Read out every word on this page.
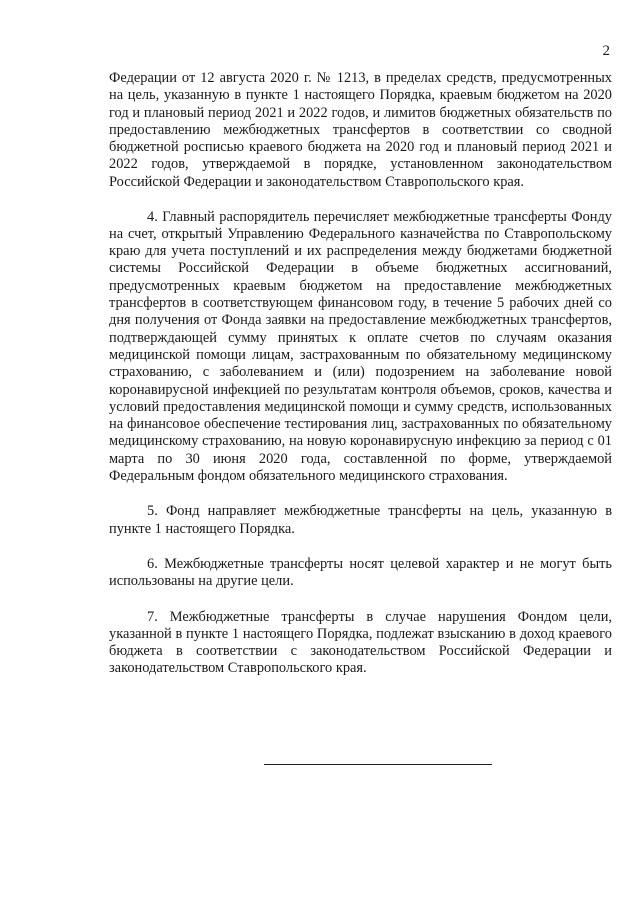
2

Федерации от 12 августа 2020 г. № 1213, в пределах средств, предусмотренных на цель, указанную в пункте 1 настоящего Порядка, краевым бюджетом на 2020 год и плановый период 2021 и 2022 годов, и лимитов бюджетных обязательств по предоставлению межбюджетных трансфертов в соответствии со сводной бюджетной росписью краевого бюджета на 2020 год и плановый период 2021 и 2022 годов, утверждаемой в порядке, установленном законодательством Российской Федерации и законодательством Ставропольского края.

4. Главный распорядитель перечисляет межбюджетные трансферты Фонду на счет, открытый Управлению Федерального казначейства по Ставропольскому краю для учета поступлений и их распределения между бюджетами бюджетной системы Российской Федерации в объеме бюджетных ассигнований, предусмотренных краевым бюджетом на предоставление межбюджетных трансфертов в соответствующем финансовом году, в течение 5 рабочих дней со дня получения от Фонда заявки на предоставление межбюджетных трансфертов, подтверждающей сумму принятых к оплате счетов по случаям оказания медицинской помощи лицам, застрахованным по обязательному медицинскому страхованию, с заболеванием и (или) подозрением на заболевание новой коронавирусной инфекцией по результатам контроля объемов, сроков, качества и условий предоставления медицинской помощи и сумму средств, использованных на финансовое обеспечение тестирования лиц, застрахованных по обязательному медицинскому страхованию, на новую коронавирусную инфекцию за период с 01 марта по 30 июня 2020 года, составленной по форме, утверждаемой Федеральным фондом обязательного медицинского страхования.

5. Фонд направляет межбюджетные трансферты на цель, указанную в пункте 1 настоящего Порядка.

6. Межбюджетные трансферты носят целевой характер и не могут быть использованы на другие цели.

7. Межбюджетные трансферты в случае нарушения Фондом цели, указанной в пункте 1 настоящего Порядка, подлежат взысканию в доход краевого бюджета в соответствии с законодательством Российской Федерации и законодательством Ставропольского края.
